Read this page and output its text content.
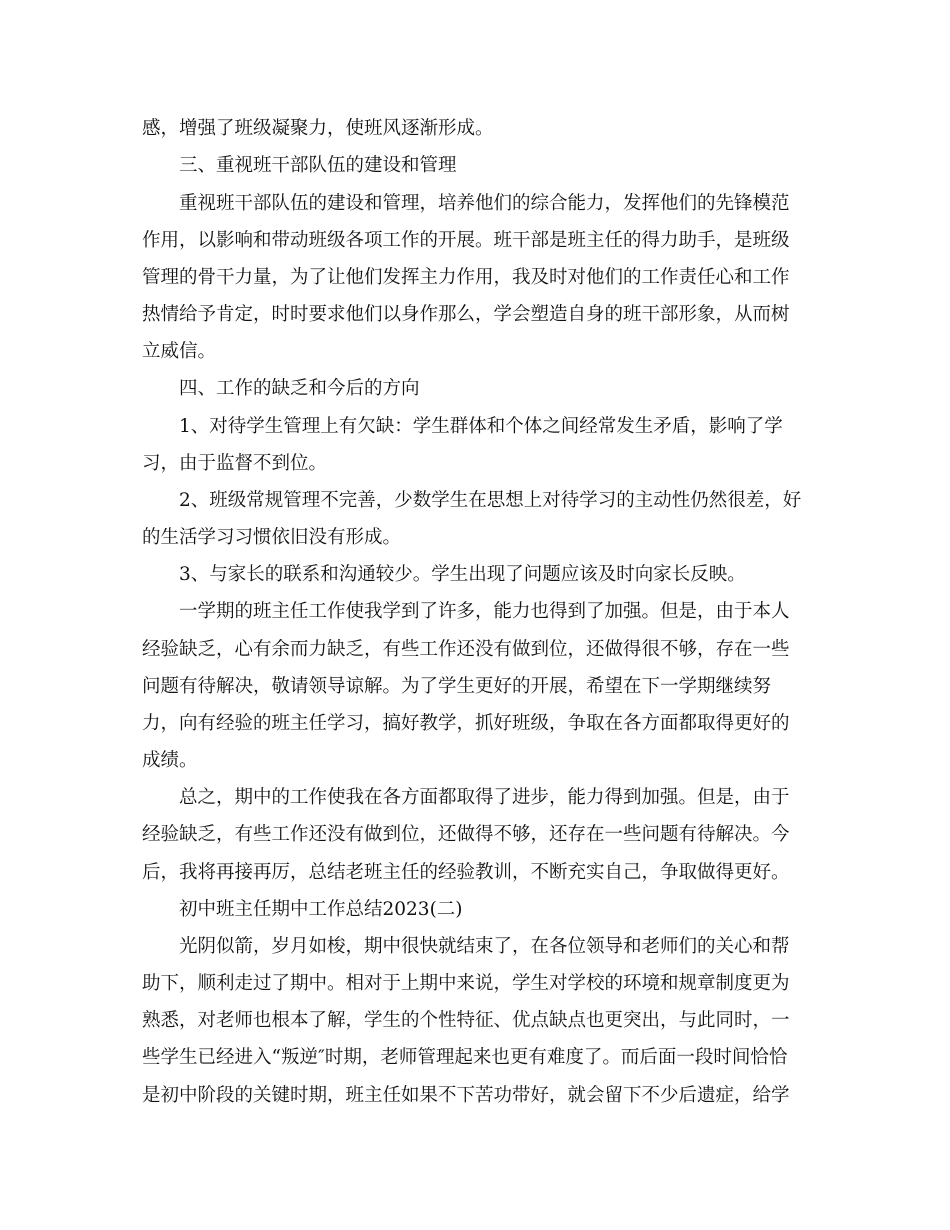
感，增强了班级凝聚力，使班风逐渐形成。
三、重视班干部队伍的建设和管理
重视班干部队伍的建设和管理，培养他们的综合能力，发挥他们的先锋模范
作用，以影响和带动班级各项工作的开展。班干部是班主任的得力助手，是班级
管理的骨干力量，为了让他们发挥主力作用，我及时对他们的工作责任心和工作
热情给予肯定，时时要求他们以身作那么，学会塑造自身的班干部形象，从而树
立威信。
四、工作的缺乏和今后的方向
1、对待学生管理上有欠缺：学生群体和个体之间经常发生矛盾，影响了学
习，由于监督不到位。
2、班级常规管理不完善，少数学生在思想上对待学习的主动性仍然很差，好
的生活学习习惯依旧没有形成。
3、与家长的联系和沟通较少。学生出现了问题应该及时向家长反映。
一学期的班主任工作使我学到了许多，能力也得到了加强。但是，由于本人
经验缺乏，心有余而力缺乏，有些工作还没有做到位，还做得很不够，存在一些
问题有待解决，敬请领导谅解。为了学生更好的开展，希望在下一学期继续努
力，向有经验的班主任学习，搞好教学，抓好班级，争取在各方面都取得更好的
成绩。
总之，期中的工作使我在各方面都取得了进步，能力得到加强。但是，由于
经验缺乏，有些工作还没有做到位，还做得不够，还存在一些问题有待解决。今
后，我将再接再厉，总结老班主任的经验教训，不断充实自己，争取做得更好。
初中班主任期中工作总结2023(二)
光阴似箭，岁月如梭，期中很快就结束了，在各位领导和老师们的关心和帮
助下，顺利走过了期中。相对于上期中来说，学生对学校的环境和规章制度更为
熟悉，对老师也根本了解，学生的个性特征、优点缺点也更突出，与此同时，一
些学生已经进入“叛逆″时期，老师管理起来也更有难度了。而后面一段时间恰恰
是初中阶段的关键时期，班主任如果不下苦功带好，就会留下不少后遗症，给学
